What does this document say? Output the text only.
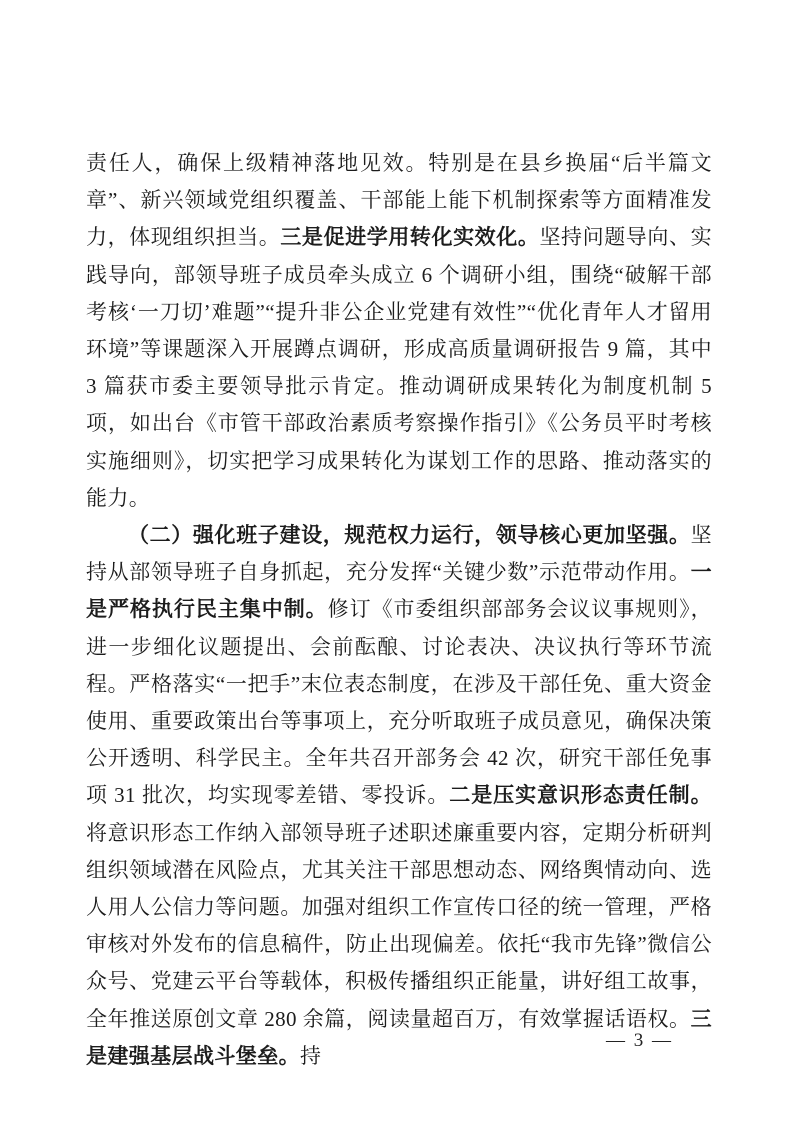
责任人，确保上级精神落地见效。特别是在县乡换届“后半篇文章”、新兴领域党组织覆盖、干部能上能下机制探索等方面精准发力，体现组织担当。三是促进学用转化实效化。坚持问题导向、实践导向，部领导班子成员牵头成立 6 个调研小组，围绕“破解干部考核‘一刀切’难题”“提升非公企业党建有效性”“优化青年人才留用环境”等课题深入开展蹲点调研，形成高质量调研报告 9 篇，其中 3 篇获市委主要领导批示肯定。推动调研成果转化为制度机制 5 项，如出台《市管干部政治素质考察操作指引》《公务员平时考核实施细则》，切实把学习成果转化为谋划工作的思路、推动落实的能力。

（二）强化班子建设，规范权力运行，领导核心更加坚强。坚持从部领导班子自身抓起，充分发挥“关键少数”示范带动作用。一是严格执行民主集中制。修订《市委组织部部务会议议事规则》，进一步细化议题提出、会前酝酿、讨论表决、决议执行等环节流程。严格落实“一把手”末位表态制度，在涉及干部任免、重大资金使用、重要政策出台等事项上，充分听取班子成员意见，确保决策公开透明、科学民主。全年共召开部务会 42 次，研究干部任免事项 31 批次，均实现零差错、零投诉。二是压实意识形态责任制。将意识形态工作纳入部领导班子述职述廉重要内容，定期分析研判组织领域潜在风险点，尤其关注干部思想动态、网络舆情动向、选人用人公信力等问题。加强对组织工作宣传口径的统一管理，严格审核对外发布的信息稿件，防止出现偏差。依托“我市先锋”微信公众号、党建云平台等载体，积极传播组织正能量，讲好组工故事，全年推送原创文章 280 余篇，阅读量超百万，有效掌握话语权。三是建强基层战斗堡垒。持

— 3 —
